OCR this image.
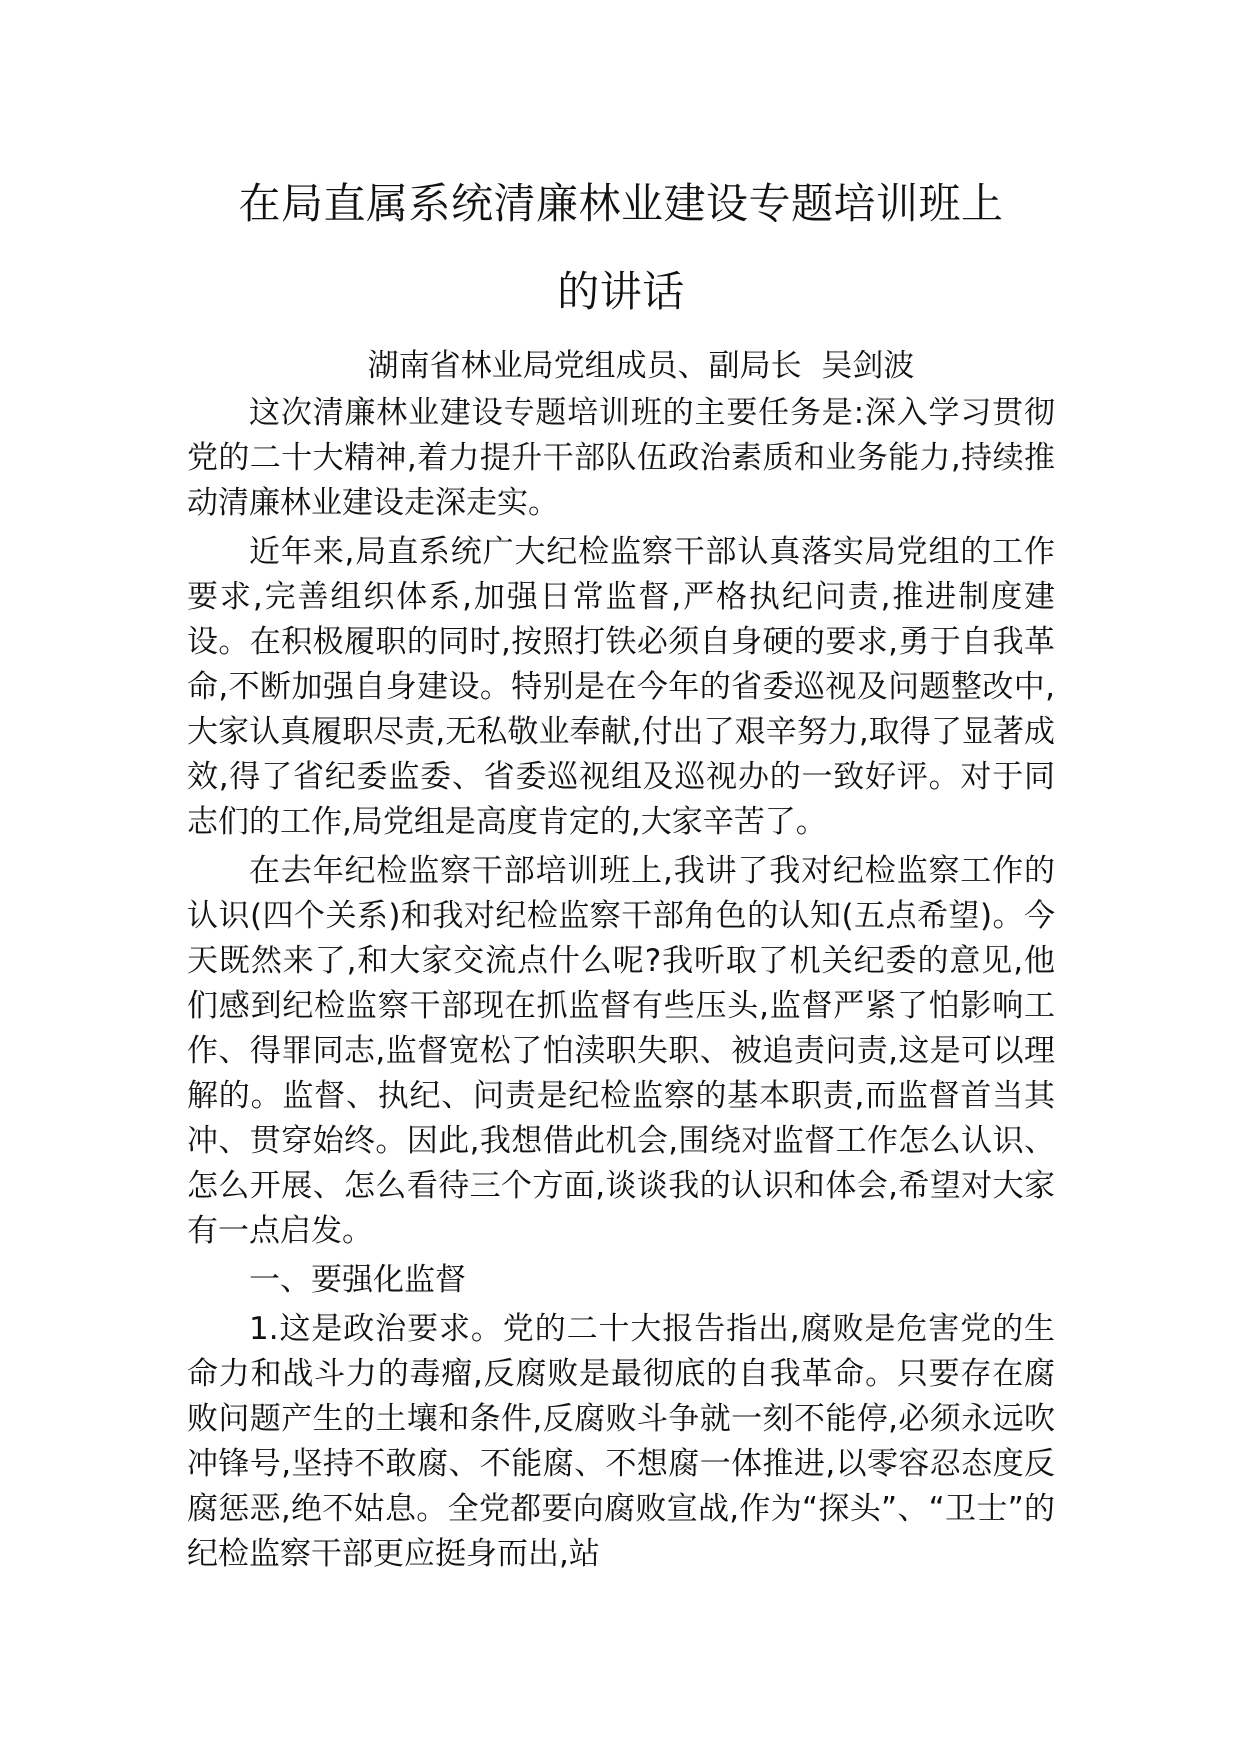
在局直属系统清廉林业建设专题培训班上
的讲话

湖南省林业局党组成员、副局长  吴剑波

这次清廉林业建设专题培训班的主要任务是:深入学习贯彻党的二十大精神,着力提升干部队伍政治素质和业务能力,持续推动清廉林业建设走深走实。

近年来,局直系统广大纪检监察干部认真落实局党组的工作要求,完善组织体系,加强日常监督,严格执纪问责,推进制度建设。在积极履职的同时,按照打铁必须自身硬的要求,勇于自我革命,不断加强自身建设。特别是在今年的省委巡视及问题整改中,大家认真履职尽责,无私敬业奉献,付出了艰辛努力,取得了显著成效,得了省纪委监委、省委巡视组及巡视办的一致好评。对于同志们的工作,局党组是高度肯定的,大家辛苦了。

在去年纪检监察干部培训班上,我讲了我对纪检监察工作的认识(四个关系)和我对纪检监察干部角色的认知(五点希望)。今天既然来了,和大家交流点什么呢?我听取了机关纪委的意见,他们感到纪检监察干部现在抓监督有些压头,监督严紧了怕影响工作、得罪同志,监督宽松了怕渎职失职、被追责问责,这是可以理解的。监督、执纪、问责是纪检监察的基本职责,而监督首当其冲、贯穿始终。因此,我想借此机会,围绕对监督工作怎么认识、怎么开展、怎么看待三个方面,谈谈我的认识和体会,希望对大家有一点启发。

一、要强化监督

1.这是政治要求。党的二十大报告指出,腐败是危害党的生命力和战斗力的毒瘤,反腐败是最彻底的自我革命。只要存在腐败问题产生的土壤和条件,反腐败斗争就一刻不能停,必须永远吹冲锋号,坚持不敢腐、不能腐、不想腐一体推进,以零容忍态度反腐惩恶,绝不姑息。全党都要向腐败宣战,作为“探头”、“卫士”的纪检监察干部更应挺身而出,站
